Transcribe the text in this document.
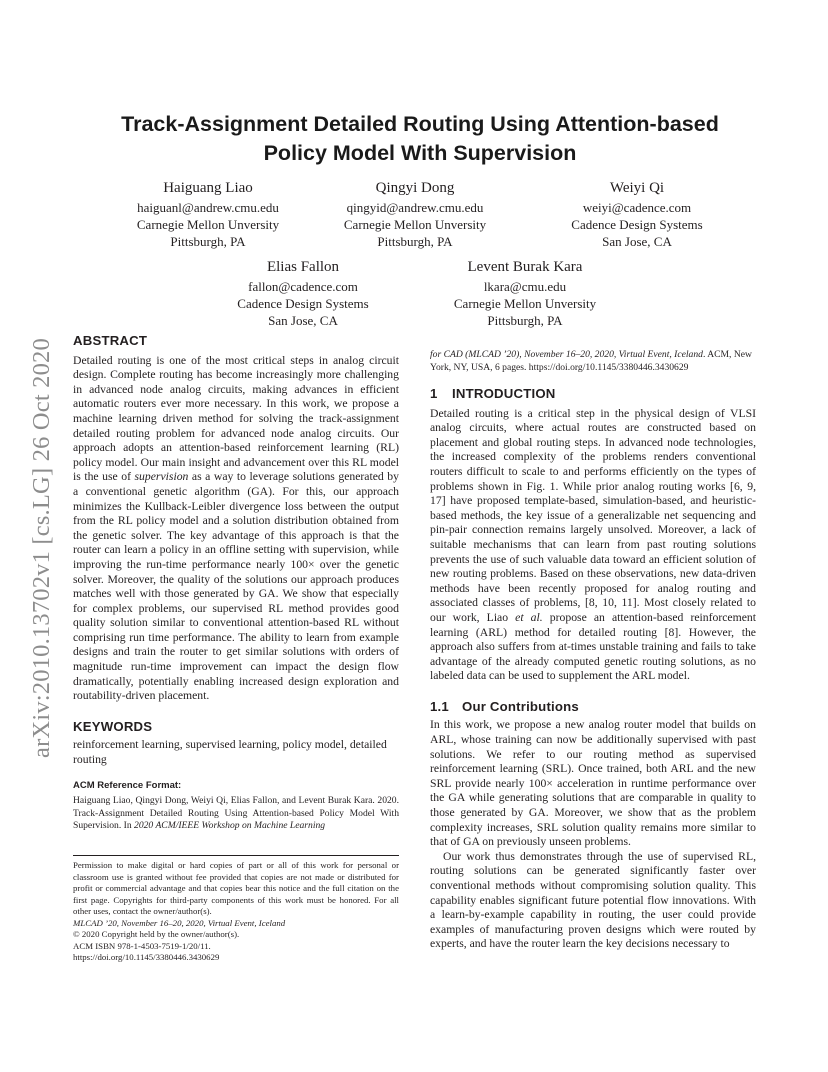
arXiv:2010.13702v1 [cs.LG] 26 Oct 2020
Track-Assignment Detailed Routing Using Attention-based
Policy Model With Supervision
Haiguang Liao
haiguanl@andrew.cmu.edu
Carnegie Mellon Unversity
Pittsburgh, PA
Qingyi Dong
qingyid@andrew.cmu.edu
Carnegie Mellon Unversity
Pittsburgh, PA
Weiyi Qi
weiyi@cadence.com
Cadence Design Systems
San Jose, CA
Elias Fallon
fallon@cadence.com
Cadence Design Systems
San Jose, CA
Levent Burak Kara
lkara@cmu.edu
Carnegie Mellon Unversity
Pittsburgh, PA
ABSTRACT

Detailed routing is one of the most critical steps in analog circuit design. Complete routing has become increasingly more challenging in advanced node analog circuits, making advances in efficient automatic routers ever more necessary. In this work, we propose a machine learning driven method for solving the track-assignment detailed routing problem for advanced node analog circuits. Our approach adopts an attention-based reinforcement learning (RL) policy model. Our main insight and advancement over this RL model is the use of supervision as a way to leverage solutions generated by a conventional genetic algorithm (GA). For this, our approach minimizes the Kullback-Leibler divergence loss between the output from the RL policy model and a solution distribution obtained from the genetic solver. The key advantage of this approach is that the router can learn a policy in an offline setting with supervision, while improving the run-time performance nearly 100× over the genetic solver. Moreover, the quality of the solutions our approach produces matches well with those generated by GA. We show that especially for complex problems, our supervised RL method provides good quality solution similar to conventional attention-based RL without comprising run time performance. The ability to learn from example designs and train the router to get similar solutions with orders of magnitude run-time improvement can impact the design flow dramatically, potentially enabling increased design exploration and routability-driven placement.

KEYWORDS

reinforcement learning, supervised learning, policy model, detailed routing

ACM Reference Format:

Haiguang Liao, Qingyi Dong, Weiyi Qi, Elias Fallon, and Levent Burak Kara. 2020. Track-Assignment Detailed Routing Using Attention-based Policy Model With Supervision. In 2020 ACM/IEEE Workshop on Machine Learning

Permission to make digital or hard copies of part or all of this work for personal or classroom use is granted without fee provided that copies are not made or distributed for profit or commercial advantage and that copies bear this notice and the full citation on the first page. Copyrights for third-party components of this work must be honored. For all other uses, contact the owner/author(s).

MLCAD ’20, November 16–20, 2020, Virtual Event, Iceland
© 2020 Copyright held by the owner/author(s).
ACM ISBN 978-1-4503-7519-1/20/11.
https://doi.org/10.1145/3380446.3430629
for CAD (MLCAD ’20), November 16–20, 2020, Virtual Event, Iceland. ACM, New York, NY, USA, 6 pages. https://doi.org/10.1145/3380446.3430629
1 INTRODUCTION

Detailed routing is a critical step in the physical design of VLSI analog circuits, where actual routes are constructed based on placement and global routing steps. In advanced node technologies, the increased complexity of the problems renders conventional routers difficult to scale to and performs efficiently on the types of problems shown in Fig. 1. While prior analog routing works [6, 9, 17] have proposed template-based, simulation-based, and heuristic-based methods, the key issue of a generalizable net sequencing and pin-pair connection remains largely unsolved. Moreover, a lack of suitable mechanisms that can learn from past routing solutions prevents the use of such valuable data toward an efficient solution of new routing problems. Based on these observations, new data-driven methods have been recently proposed for analog routing and associated classes of problems, [8, 10, 11]. Most closely related to our work, Liao et al. propose an attention-based reinforcement learning (ARL) method for detailed routing [8]. However, the approach also suffers from at-times unstable training and fails to take advantage of the already computed genetic routing solutions, as no labeled data can be used to supplement the ARL model.

1.1 Our Contributions

In this work, we propose a new analog router model that builds on ARL, whose training can now be additionally supervised with past solutions. We refer to our routing method as supervised reinforcement learning (SRL). Once trained, both ARL and the new SRL provide nearly 100× acceleration in runtime performance over the GA while generating solutions that are comparable in quality to those generated by GA. Moreover, we show that as the problem complexity increases, SRL solution quality remains more similar to that of GA on previously unseen problems.

Our work thus demonstrates through the use of supervised RL, routing solutions can be generated significantly faster over conventional methods without compromising solution quality. This capability enables significant future potential flow innovations. With a learn-by-example capability in routing, the user could provide examples of manufacturing proven designs which were routed by experts, and have the router learn the key decisions necessary to
